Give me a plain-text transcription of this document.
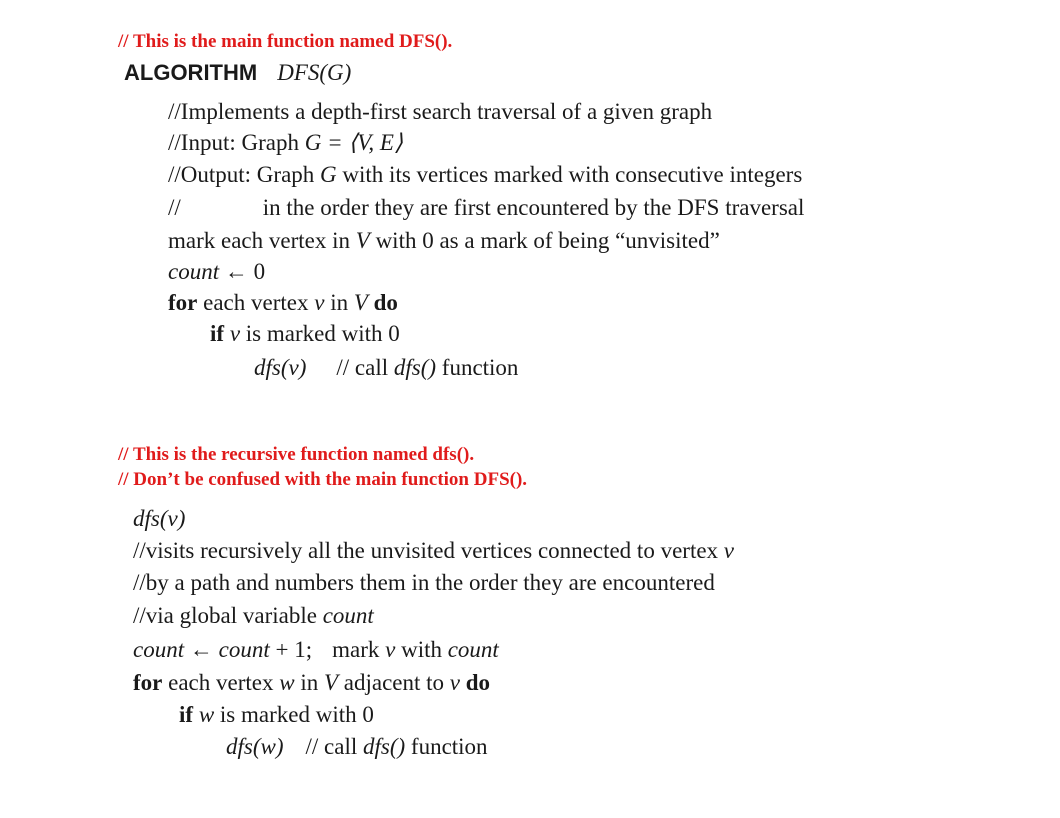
// This is the main function named DFS().
ALGORITHM DFS(G)
//Implements a depth-first search traversal of a given graph
//Input: Graph G = ⟨V, E⟩
//Output: Graph G with its vertices marked with consecutive integers
//	in the order they are first encountered by the DFS traversal
mark each vertex in V with 0 as a mark of being “unvisited”
count ← 0
for each vertex v in V do
if v is marked with 0
dfs(v) // call dfs() function
// This is the recursive function named dfs().
// Don’t be confused with the main function DFS().
dfs(v)
//visits recursively all the unvisited vertices connected to vertex v
//by a path and numbers them in the order they are encountered
//via global variable count
count ← count + 1; mark v with count
for each vertex w in V adjacent to v do
if w is marked with 0
dfs(w) // call dfs() function
